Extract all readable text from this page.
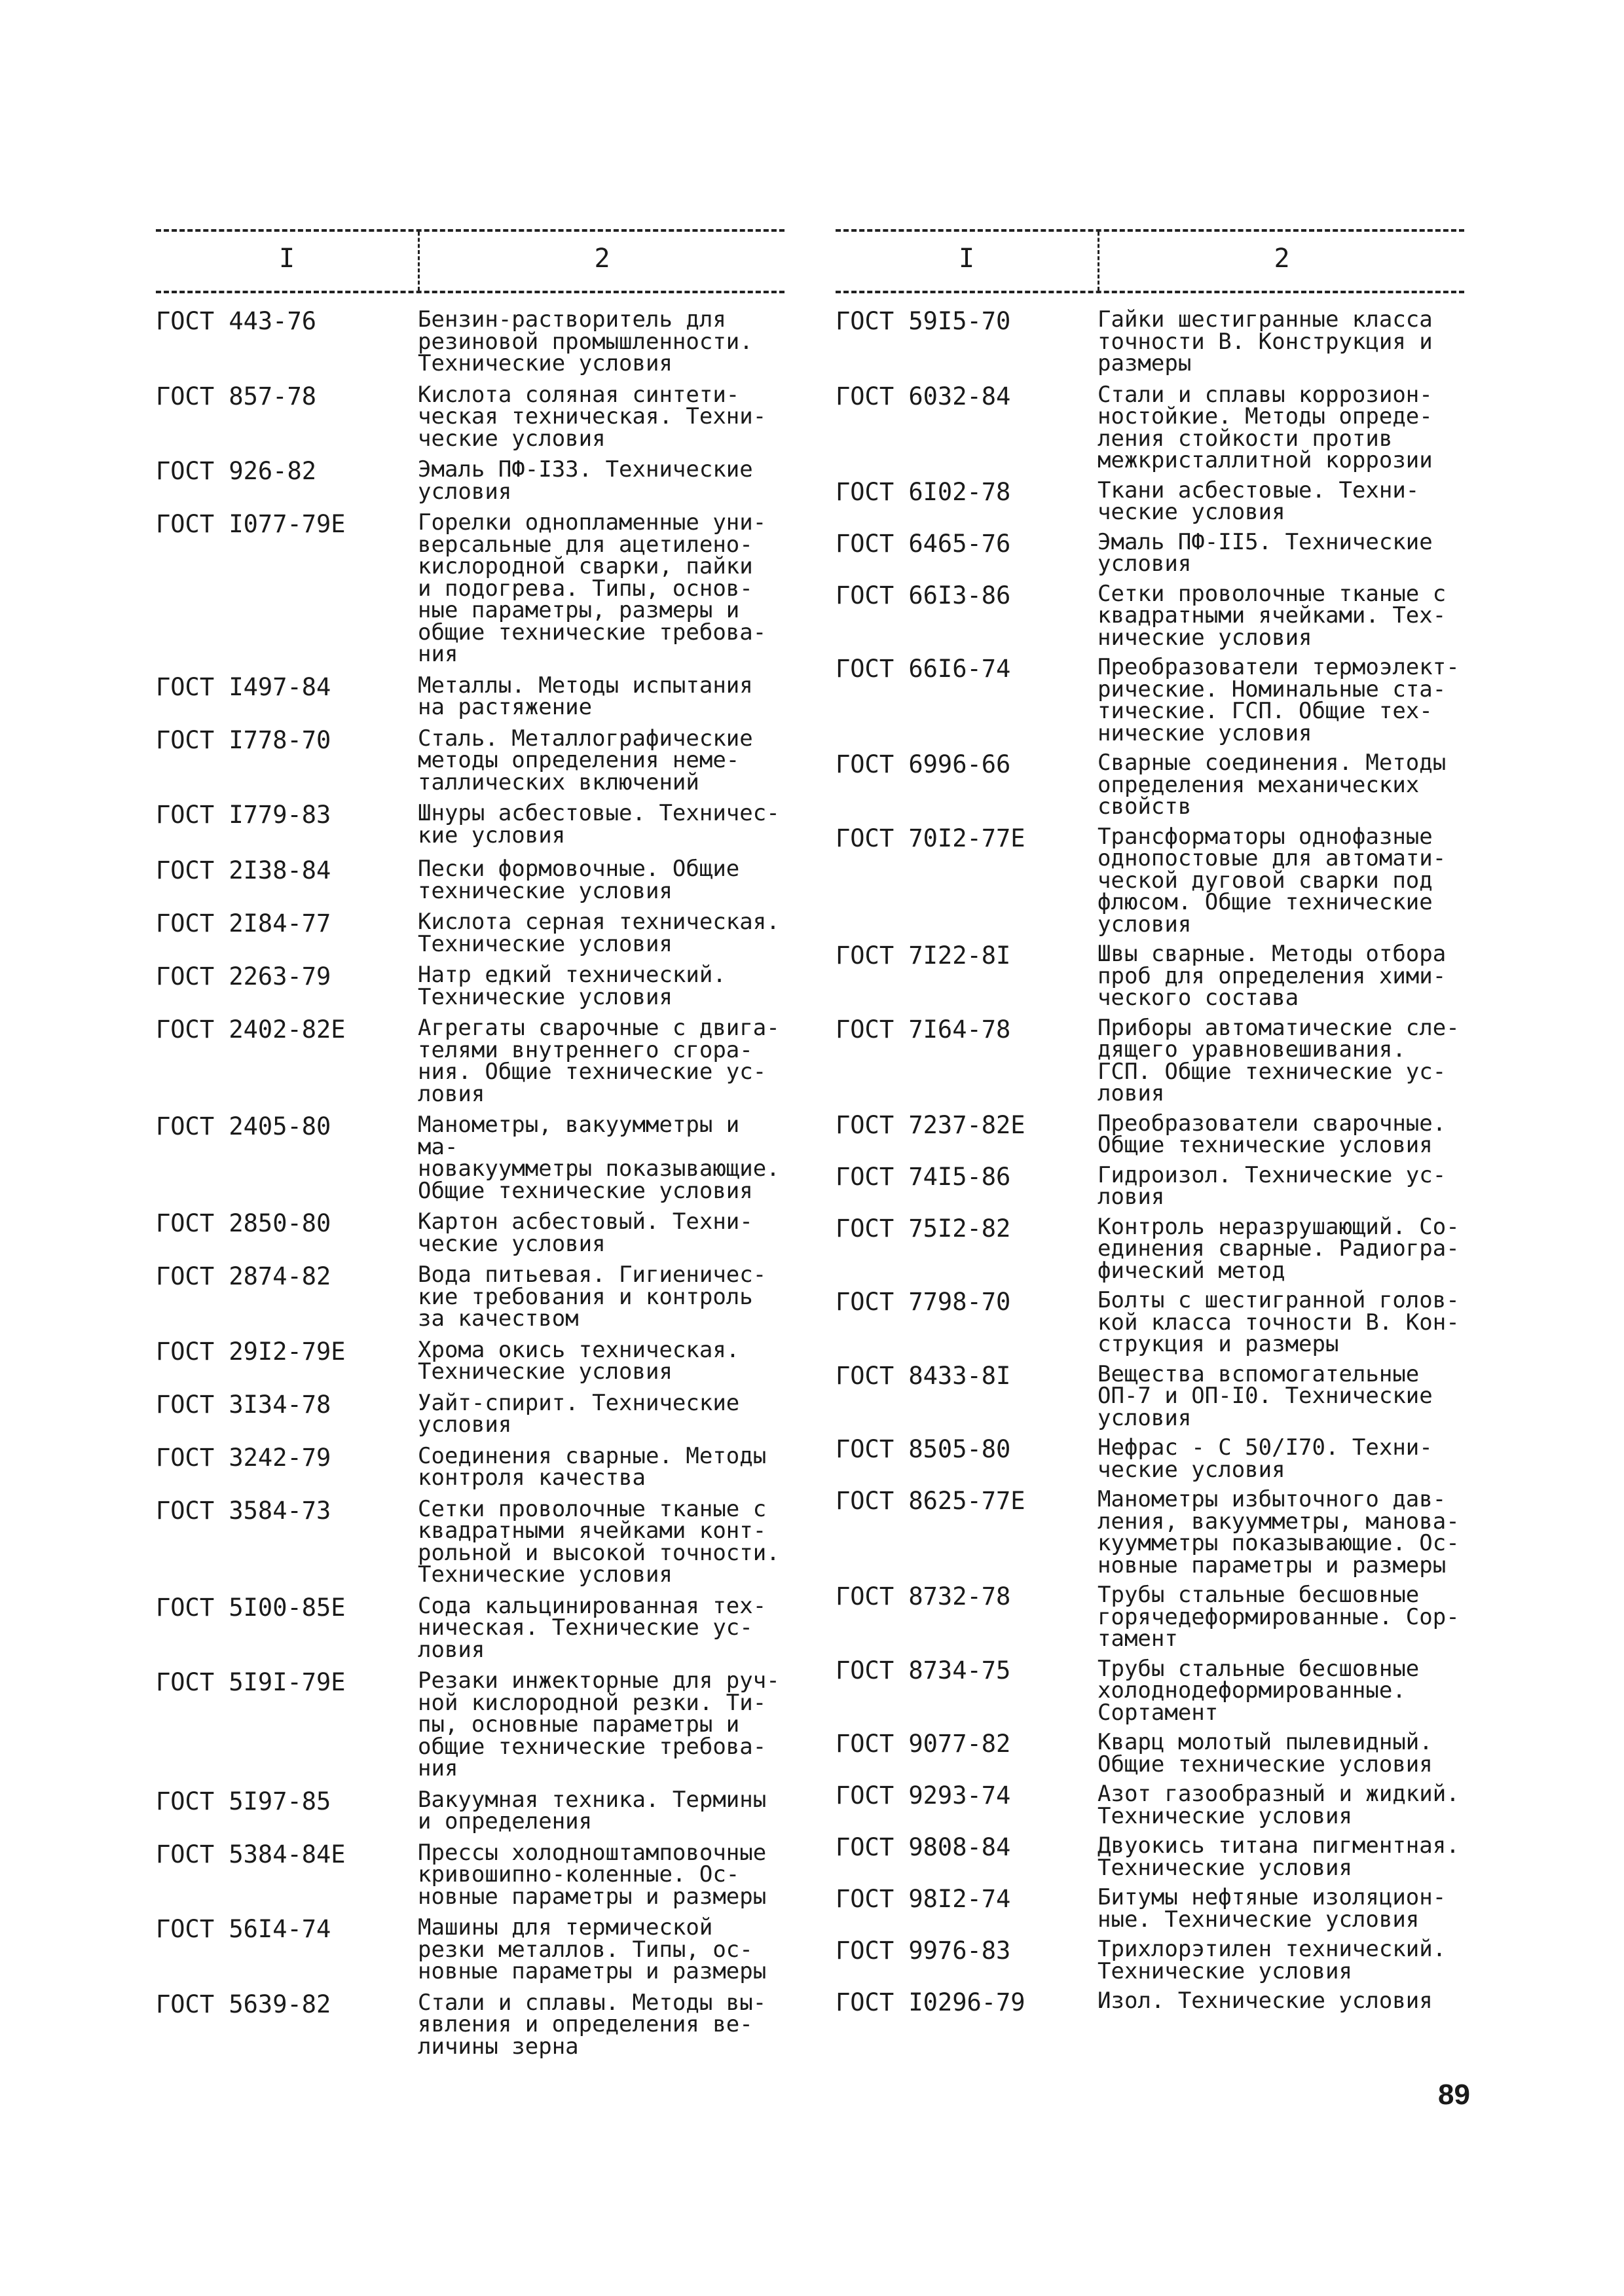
I	2
ГОСТ 443-76	Бензин-растворитель для
резиновой промышленности.
Технические условия
ГОСТ 857-78	Кислота соляная синтети-
ческая техническая. Техни-
ческие условия
ГОСТ 926-82	Эмаль ПФ-I33. Технические
условия
ГОСТ I077-79Е	Горелки однопламенные уни-
версальные для ацетилено-
кислородной сварки, пайки
и подогрева. Типы, основ-
ные параметры, размеры и
общие технические требова-
ния
ГОСТ I497-84	Металлы. Методы испытания
на растяжение
ГОСТ I778-70	Сталь. Металлографические
методы определения неме-
таллических включений
ГОСТ I779-83	Шнуры асбестовые. Техничес-
кие условия
ГОСТ 2I38-84	Пески формовочные. Общие
технические условия
ГОСТ 2I84-77	Кислота серная техническая.
Технические условия
ГОСТ 2263-79	Натр едкий технический.
Технические условия
ГОСТ 2402-82Е	Агрегаты сварочные с двига-
телями внутреннего сгора-
ния. Общие технические ус-
ловия
ГОСТ 2405-80	Манометры, вакуумметры и ма-
новакуумметры показывающие.
Общие технические условия
ГОСТ 2850-80	Картон асбестовый. Техни-
ческие условия
ГОСТ 2874-82	Вода питьевая. Гигиеничес-
кие требования и контроль
за качеством
ГОСТ 29I2-79Е	Хрома окись техническая.
Технические условия
ГОСТ 3I34-78	Уайт-спирит. Технические
условия
ГОСТ 3242-79	Соединения сварные. Методы
контроля качества
ГОСТ 3584-73	Сетки проволочные тканые с
квадратными ячейками конт-
рольной и высокой точности.
Технические условия
ГОСТ 5I00-85Е	Сода кальцинированная тех-
ническая. Технические ус-
ловия
ГОСТ 5I9I-79Е	Резаки инжекторные для руч-
ной кислородной резки. Ти-
пы, основные параметры и
общие технические требова-
ния
ГОСТ 5I97-85	Вакуумная техника. Термины
и определения
ГОСТ 5384-84Е	Прессы холодноштамповочные
кривошипно-коленные. Ос-
новные параметры и размеры
ГОСТ 56I4-74	Машины для термической
резки металлов. Типы, ос-
новные параметры и размеры
ГОСТ 5639-82	Стали и сплавы. Методы вы-
явления и определения ве-
личины зерна
I	2
ГОСТ 59I5-70	Гайки шестигранные класса
точности В. Конструкция и
размеры
ГОСТ 6032-84	Стали и сплавы коррозион-
ностойкие. Методы опреде-
ления стойкости против
межкристаллитной коррозии
ГОСТ 6I02-78	Ткани асбестовые. Техни-
ческие условия
ГОСТ 6465-76	Эмаль ПФ-II5. Технические
условия
ГОСТ 66I3-86	Сетки проволочные тканые с
квадратными ячейками. Тех-
нические условия
ГОСТ 66I6-74	Преобразователи термоэлект-
рические. Номинальные ста-
тические. ГСП. Общие тех-
нические условия
ГОСТ 6996-66	Сварные соединения. Методы
определения механических
свойств
ГОСТ 70I2-77Е	Трансформаторы однофазные
однопостовые для автомати-
ческой дуговой сварки под
флюсом. Общие технические
условия
ГОСТ 7I22-8I	Швы сварные. Методы отбора
проб для определения хими-
ческого состава
ГОСТ 7I64-78	Приборы автоматические сле-
дящего уравновешивания.
ГСП. Общие технические ус-
ловия
ГОСТ 7237-82Е	Преобразователи сварочные.
Общие технические условия
ГОСТ 74I5-86	Гидроизол. Технические ус-
ловия
ГОСТ 75I2-82	Контроль неразрушающий. Со-
единения сварные. Радиогра-
фический метод
ГОСТ 7798-70	Болты с шестигранной голов-
кой класса точности В. Кон-
струкция и размеры
ГОСТ 8433-8I	Вещества вспомогательные
ОП-7 и ОП-I0. Технические
условия
ГОСТ 8505-80	Нефрас - С 50/I70. Техни-
ческие условия
ГОСТ 8625-77Е	Манометры избыточного дав-
ления, вакуумметры, манова-
куумметры показывающие. Ос-
новные параметры и размеры
ГОСТ 8732-78	Трубы стальные бесшовные
горячедеформированные. Сор-
тамент
ГОСТ 8734-75	Трубы стальные бесшовные
холоднодеформированные.
Сортамент
ГОСТ 9077-82	Кварц молотый пылевидный.
Общие технические условия
ГОСТ 9293-74	Азот газообразный и жидкий.
Технические условия
ГОСТ 9808-84	Двуокись титана пигментная.
Технические условия
ГОСТ 98I2-74	Битумы нефтяные изоляцион-
ные. Технические условия
ГОСТ 9976-83	Трихлорэтилен технический.
Технические условия
ГОСТ I0296-79	Изол. Технические условия
89
